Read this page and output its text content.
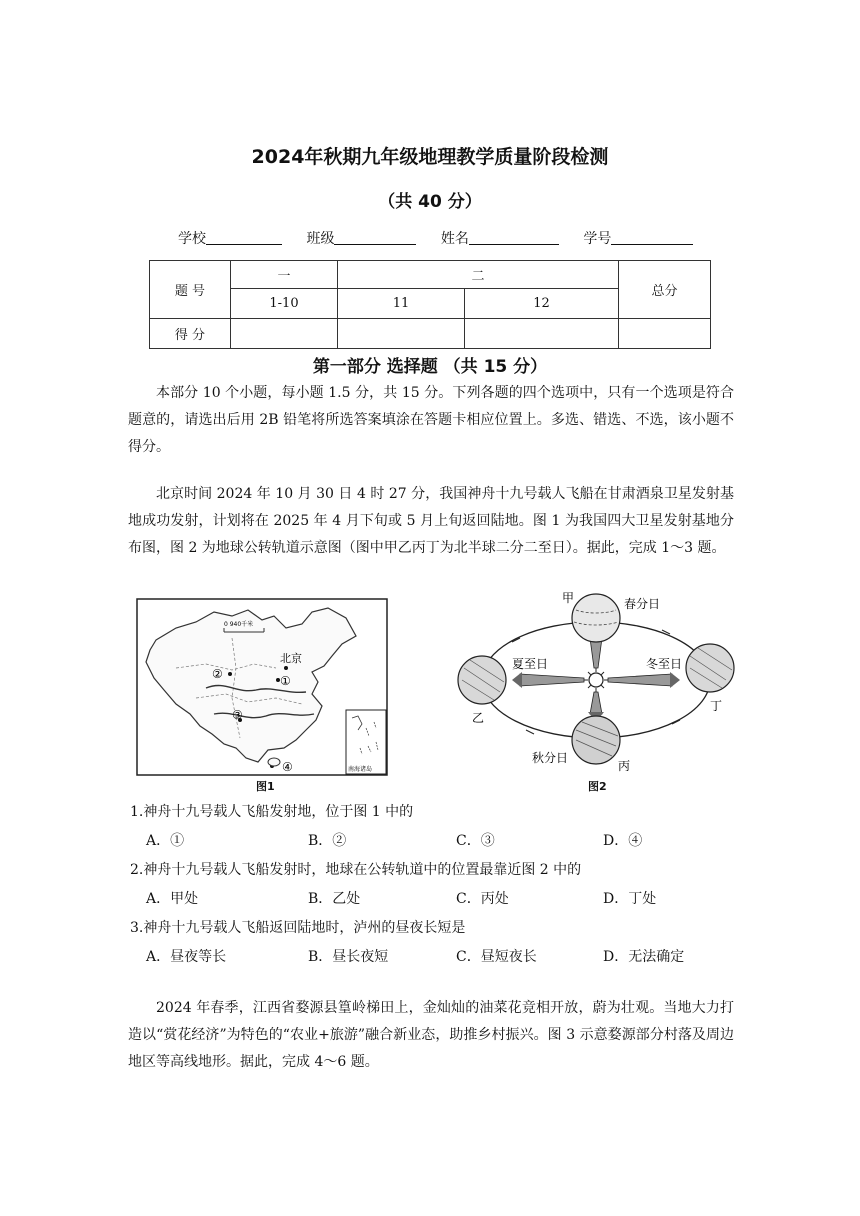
2024年秋期九年级地理教学质量阶段检测
（共 40 分）
学校	班级	姓名	学号
题 号	一	二		总分
	1-10	11	12	
得 分				
第一部分 选择题 （共 15 分）

本部分 10 个小题，每小题 1.5 分，共 15 分。下列各题的四个选项中，只有一个选项是符合题意的，请选出后用 2B 铅笔将所选答案填涂在答题卡相应位置上。多选、错选、不选，该小题不得分。

北京时间 2024 年 10 月 30 日 4 时 27 分，我国神舟十九号载人飞船在甘肃酒泉卫星发射基地成功发射，计划将在 2025 年 4 月下旬或 5 月上旬返回陆地。图 1 为我国四大卫星发射基地分布图，图 2 为地球公转轨道示意图（图中甲乙丙丁为北半球二分二至日）。据此，完成 1～3 题。

0 940千米
北京
②	①
③
④	南海诸岛
图1
甲	春分日
夏至日	冬至日
乙
丁
秋分日
丙
图2
1.神舟十九号载人飞船发射地，位于图 1 中的
A．①	B．②	C．③	D．④
2.神舟十九号载人飞船发射时，地球在公转轨道中的位置最靠近图 2 中的
A．甲处	B．乙处	C．丙处	D．丁处
3.神舟十九号载人飞船返回陆地时，泸州的昼夜长短是
A．昼夜等长	B．昼长夜短	C．昼短夜长	D．无法确定

2024 年春季，江西省婺源县篁岭梯田上，金灿灿的油菜花竞相开放，蔚为壮观。当地大力打造以“赏花经济”为特色的“农业+旅游”融合新业态，助推乡村振兴。图 3 示意婺源部分村落及周边地区等高线地形。据此，完成 4～6 题。
